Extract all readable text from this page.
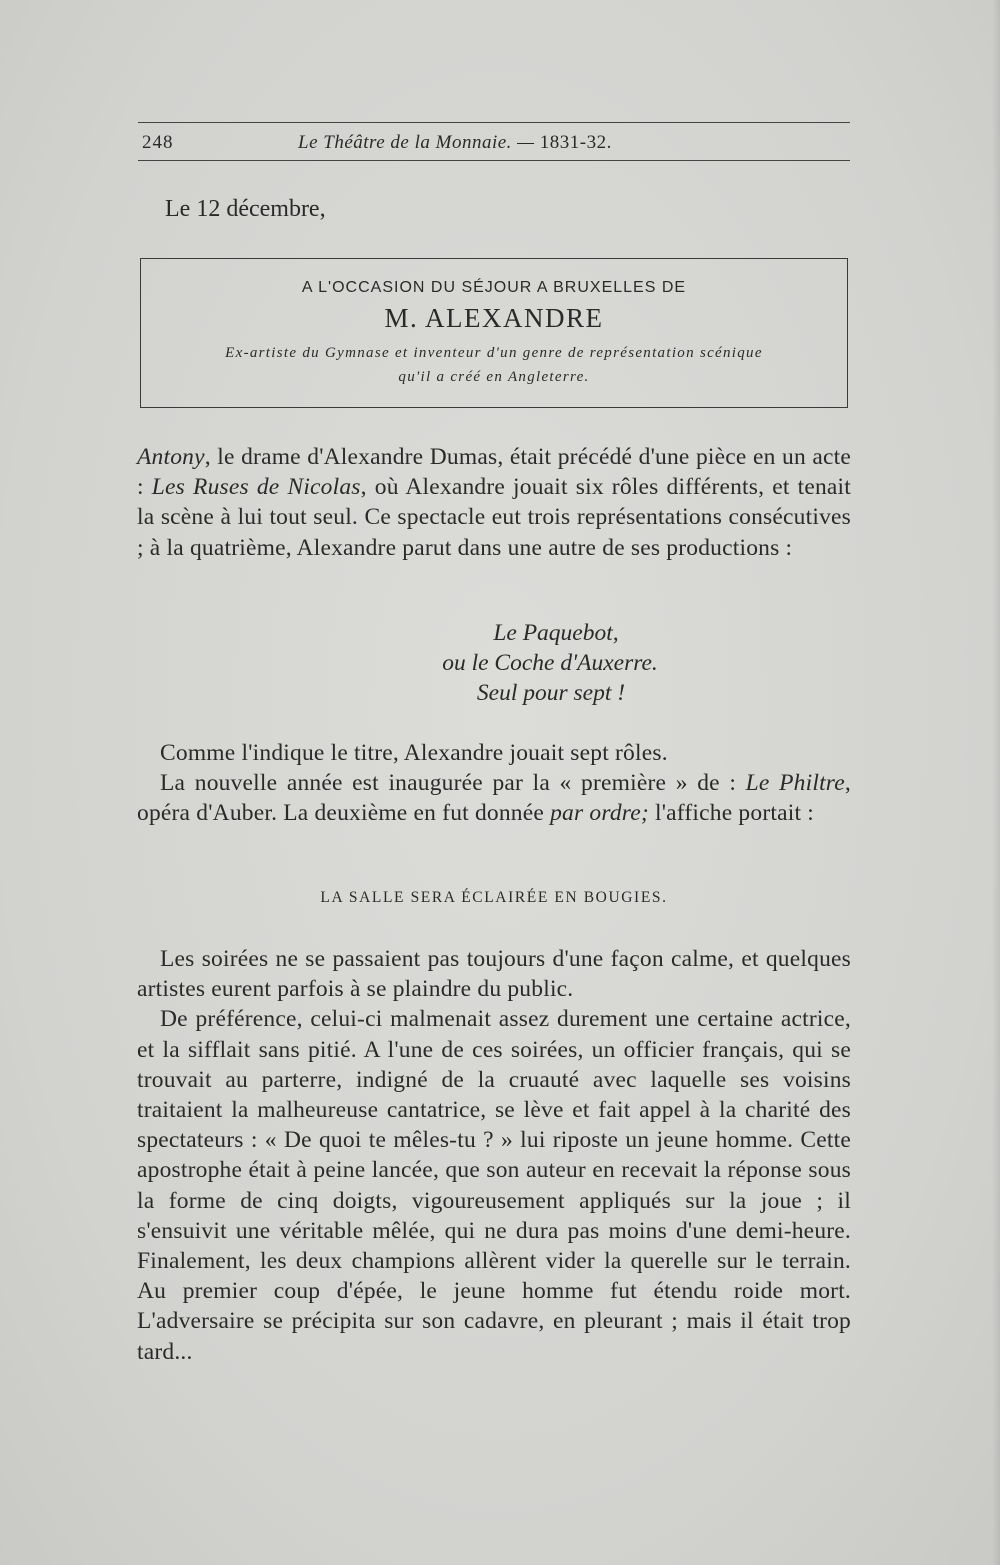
248	Le Théâtre de la Monnaie. — 1831-32.
Le 12 décembre,
A L'OCCASION DU SÉJOUR A BRUXELLES DE
M. ALEXANDRE
Ex-artiste du Gymnase et inventeur d'un genre de représentation scénique
qu'il a créé en Angleterre.

Antony, le drame d'Alexandre Dumas, était précédé d'une pièce en un acte : Les Ruses de Nicolas, où Alexandre jouait six rôles différents, et tenait la scène à lui tout seul. Ce spectacle eut trois représentations consécutives ; à la quatrième, Alexandre parut dans une autre de ses productions :

Le Paquebot,
ou le Coche d'Auxerre.
Seul pour sept !

Comme l'indique le titre, Alexandre jouait sept rôles.

La nouvelle année est inaugurée par la « première » de : Le Philtre, opéra d'Auber. La deuxième en fut donnée par ordre; l'affiche portait :

LA SALLE SERA ÉCLAIRÉE EN BOUGIES.

Les soirées ne se passaient pas toujours d'une façon calme, et quelques artistes eurent parfois à se plaindre du public.

De préférence, celui-ci malmenait assez durement une certaine actrice, et la sifflait sans pitié. A l'une de ces soirées, un officier français, qui se trouvait au parterre, indigné de la cruauté avec laquelle ses voisins traitaient la malheureuse cantatrice, se lève et fait appel à la charité des spectateurs : « De quoi te mêles-tu ? » lui riposte un jeune homme. Cette apostrophe était à peine lancée, que son auteur en recevait la réponse sous la forme de cinq doigts, vigoureusement appliqués sur la joue ; il s'ensuivit une véritable mêlée, qui ne dura pas moins d'une demi-heure. Finalement, les deux champions allèrent vider la querelle sur le terrain. Au premier coup d'épée, le jeune homme fut étendu roide mort. L'adversaire se précipita sur son cadavre, en pleurant ; mais il était trop tard...
